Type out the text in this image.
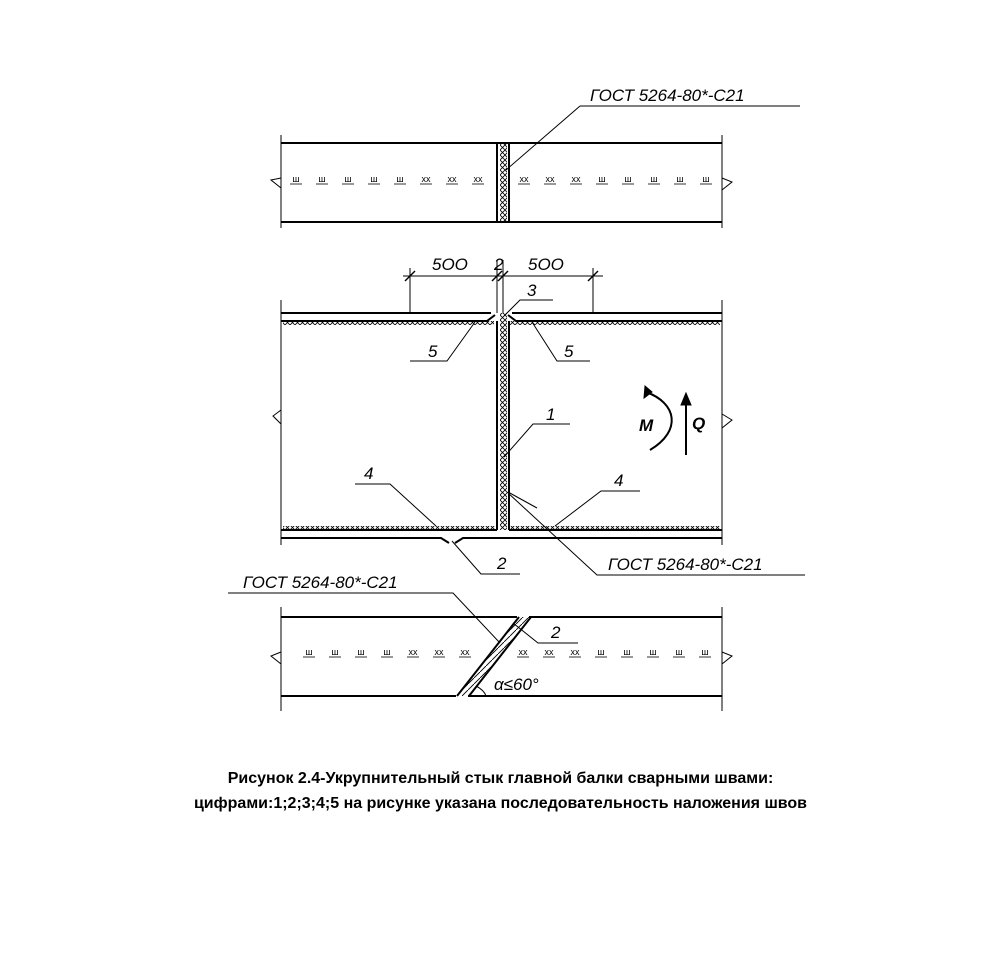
ГОСТ 5264-80*-С21
ш ш ш ш ш хх хх хх	хх хх хх ш ш ш ш ш
5OO 2 5OO
3
5	5
1
4	4
M Q
2	ГОСТ 5264-80*-С21
ГОСТ 5264-80*-С21
2
α≤60°
ш ш ш ш хх хх хх	хх хх хх ш ш ш ш ш
Рисунок 2.4-Укрупнительный стык главной балки сварными швами:
цифрами:1;2;3;4;5 на рисунке указана последовательность наложения швов
